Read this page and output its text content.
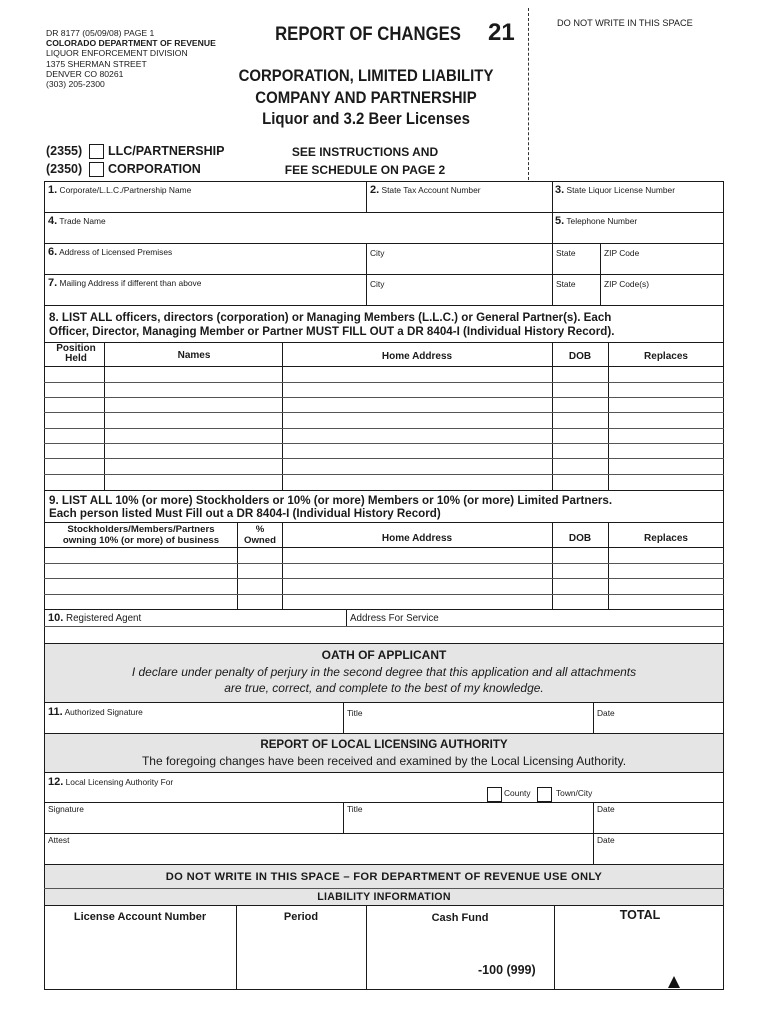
DR 8177 (05/09/08) PAGE 1
COLORADO DEPARTMENT OF REVENUE
LIQUOR ENFORCEMENT DIVISION
1375 SHERMAN STREET
DENVER CO 80261
(303) 205-2300
REPORT OF CHANGES 21	DO NOT WRITE IN THIS SPACE
CORPORATION, LIMITED LIABILITY
COMPANY AND PARTNERSHIP
Liquor and 3.2 Beer Licenses
(2355) LLC/PARTNERSHIP
(2350) CORPORATION
SEE INSTRUCTIONS AND
FEE SCHEDULE ON PAGE 2
1. Corporate/L.L.C./Partnership Name	2. State Tax Account Number	3. State Liquor License Number
4. Trade Name	5. Telephone Number
6. Address of Licensed Premises	City	State	ZIP Code
7. Mailing Address if different than above	City	State	ZIP Code(s)
8. LIST ALL officers, directors (corporation) or Managing Members (L.L.C.) or General Partner(s). Each
Officer, Director, Managing Member or Partner MUST FILL OUT a DR 8404-I (Individual History Record).
Position
Held	Names	Home Address	DOB	Replaces
9. LIST ALL 10% (or more) Stockholders or 10% (or more) Members or 10% (or more) Limited Partners.
Each person listed Must Fill out a DR 8404-I (Individual History Record)
Stockholders/Members/Partners
owning 10% (or more) of business
%
Owned	Home Address	DOB	Replaces
10. Registered Agent	Address For Service
OATH OF APPLICANT
I declare under penalty of perjury in the second degree that this application and all attachments
are true, correct, and complete to the best of my knowledge.
11. Authorized Signature	Title	Date
REPORT OF LOCAL LICENSING AUTHORITY
The foregoing changes have been received and examined by the Local Licensing Authority.
12. Local Licensing Authority For
County	Town/City
Signature	Title	Date
Attest	Date
DO NOT WRITE IN THIS SPACE – FOR DEPARTMENT OF REVENUE USE ONLY
LIABILITY INFORMATION
License Account Number	Period	Cash Fund	TOTAL
-100 (999)
